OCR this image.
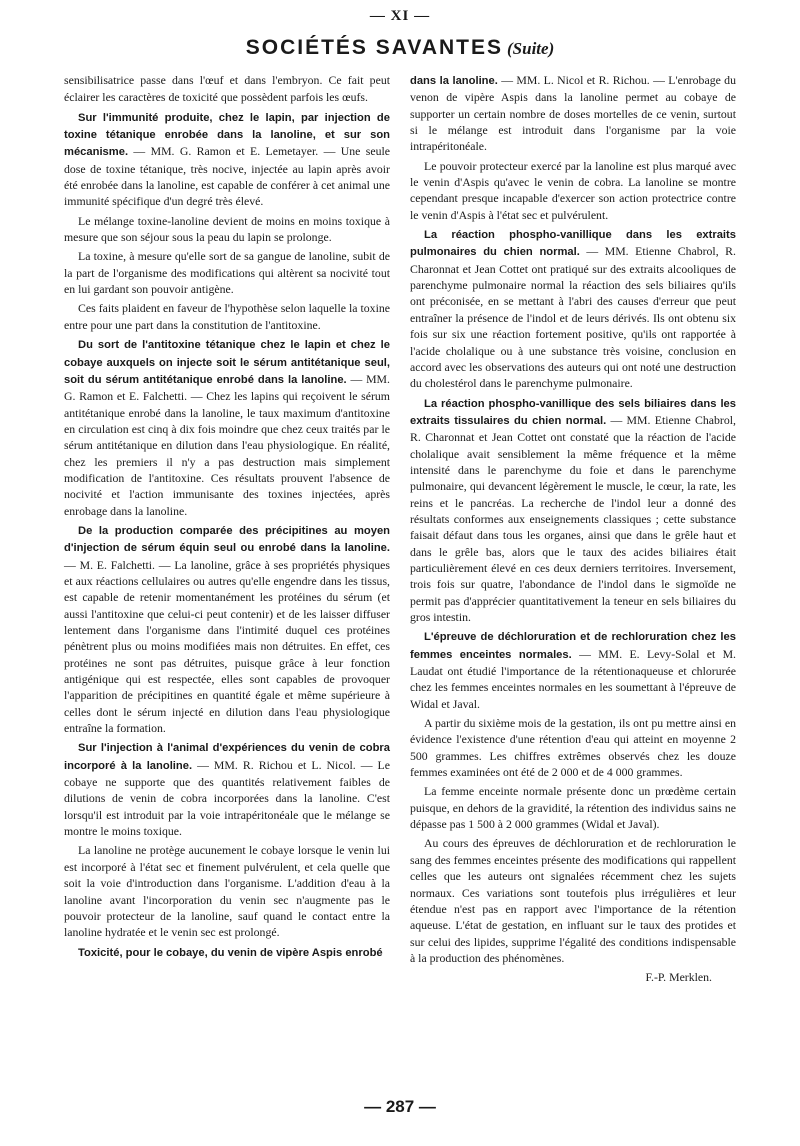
— XI —
SOCIÉTÉS SAVANTES (Suite)

sensibilisatrice passe dans l'œuf et dans l'embryon. Ce fait peut éclairer les caractères de toxicité que possèdent parfois les œufs.

Sur l'immunité produite, chez le lapin, par injection de toxine tétanique enrobée dans la lanoline, et sur son mécanisme. — MM. G. Ramon et E. Lemetayer. — Une seule dose de toxine tétanique, très nocive, injectée au lapin après avoir été enrobée dans la lanoline, est capable de conférer à cet animal une immunité spécifique d'un degré très élevé.

Le mélange toxine-lanoline devient de moins en moins toxique à mesure que son séjour sous la peau du lapin se prolonge.

La toxine, à mesure qu'elle sort de sa gangue de lanoline, subit de la part de l'organisme des modifications qui altèrent sa nocivité tout en lui gardant son pouvoir antigène.

Ces faits plaident en faveur de l'hypothèse selon laquelle la toxine entre pour une part dans la constitution de l'antitoxine.

Du sort de l'antitoxine tétanique chez le lapin et chez le cobaye auxquels on injecte soit le sérum antitétanique seul, soit du sérum antitétanique enrobé dans la lanoline. — MM. G. Ramon et E. Falchetti. — Chez les lapins qui reçoivent le sérum antitétanique enrobé dans la lanoline, le taux maximum d'antitoxine en circulation est cinq à dix fois moindre que chez ceux traités par le sérum antitétanique en dilution dans l'eau physiologique. En réalité, chez les premiers il n'y a pas destruction mais simplement modification de l'antitoxine. Ces résultats prouvent l'absence de nocivité et l'action immunisante des toxines injectées, après enrobage dans la lanoline.

De la production comparée des précipitines au moyen d'injection de sérum équin seul ou enrobé dans la lanoline. — M. E. Falchetti. — La lanoline, grâce à ses propriétés physiques et aux réactions cellulaires ou autres qu'elle engendre dans les tissus, est capable de retenir momentanément les protéines du sérum (et aussi l'antitoxine que celui-ci peut contenir) et de les laisser diffuser lentement dans l'organisme dans l'intimité duquel ces protéines pénètrent plus ou moins modifiées mais non détruites. En effet, ces protéines ne sont pas détruites, puisque grâce à leur fonction antigénique qui est respectée, elles sont capables de provoquer l'apparition de précipitines en quantité égale et même supérieure à celles dont le sérum injecté en dilution dans l'eau physiologique entraîne la formation.

Sur l'injection à l'animal d'expériences du venin de cobra incorporé à la lanoline. — MM. R. Richou et L. Nicol. — Le cobaye ne supporte que des quantités relativement faibles de dilutions de venin de cobra incorporées dans la lanoline. C'est lorsqu'il est introduit par la voie intrapéritonéale que le mélange se montre le moins toxique.

La lanoline ne protège aucunement le cobaye lorsque le venin lui est incorporé à l'état sec et finement pulvérulent, et cela quelle que soit la voie d'introduction dans l'organisme. L'addition d'eau à la lanoline avant l'incorporation du venin sec n'augmente pas le pouvoir protecteur de la lanoline, sauf quand le contact entre la lanoline hydratée et le venin sec est prolongé.

Toxicité, pour le cobaye, du venin de vipère Aspis enrobé

dans la lanoline. — MM. L. Nicol et R. Richou. — L'enrobage du venon de vipère Aspis dans la lanoline permet au cobaye de supporter un certain nombre de doses mortelles de ce venin, surtout si le mélange est introduit dans l'organisme par la voie intrapéritonéale.

Le pouvoir protecteur exercé par la lanoline est plus marqué avec le venin d'Aspis qu'avec le venin de cobra. La lanoline se montre cependant presque incapable d'exercer son action protectrice contre le venin d'Aspis à l'état sec et pulvérulent.

La réaction phospho-vanillique dans les extraits pulmonaires du chien normal. — MM. Etienne Chabrol, R. Charonnat et Jean Cottet ont pratiqué sur des extraits alcooliques de parenchyme pulmonaire normal la réaction des sels biliaires qu'ils ont préconisée, en se mettant à l'abri des causes d'erreur que peut entraîner la présence de l'indol et de leurs dérivés. Ils ont obtenu six fois sur six une réaction fortement positive, qu'ils ont rapportée à l'acide cholalique ou à une substance très voisine, conclusion en accord avec les observations des auteurs qui ont noté une destruction du cholestérol dans le parenchyme pulmonaire.

La réaction phospho-vanillique des sels biliaires dans les extraits tissulaires du chien normal. — MM. Etienne Chabrol, R. Charonnat et Jean Cottet ont constaté que la réaction de l'acide cholalique avait sensiblement la même fréquence et la même intensité dans le parenchyme du foie et dans le parenchyme pulmonaire, qui devancent légèrement le muscle, le cœur, la rate, les reins et le pancréas. La recherche de l'indol leur a donné des résultats conformes aux enseignements classiques ; cette substance faisait défaut dans tous les organes, ainsi que dans le grêle haut et dans le grêle bas, alors que le taux des acides biliaires était particulièrement élevé en ces deux derniers territoires. Inversement, trois fois sur quatre, l'abondance de l'indol dans le sigmoïde ne permit pas d'apprécier quantitativement la teneur en sels biliaires du gros intestin.

L'épreuve de déchloruration et de rechloruration chez les femmes enceintes normales. — MM. E. Levy-Solal et M. Laudat ont étudié l'importance de la rétentionaqueuse et chlorurée chez les femmes enceintes normales en les soumettant à l'épreuve de Widal et Javal.

A partir du sixième mois de la gestation, ils ont pu mettre ainsi en évidence l'existence d'une rétention d'eau qui atteint en moyenne 2 500 grammes. Les chiffres extrêmes observés chez les douze femmes examinées ont été de 2 000 et de 4 000 grammes.

La femme enceinte normale présente donc un prœdème certain puisque, en dehors de la gravidité, la rétention des individus sains ne dépasse pas 1 500 à 2 000 grammes (Widal et Javal).

Au cours des épreuves de déchloruration et de rechloruration le sang des femmes enceintes présente des modifications qui rappellent celles que les auteurs ont signalées récemment chez les sujets normaux. Ces variations sont toutefois plus irrégulières et leur étendue n'est pas en rapport avec l'importance de la rétention aqueuse. L'état de gestation, en influant sur le taux des protides et sur celui des lipides, supprime l'égalité des conditions indispensable à la production des phénomènes.

F.-P. Merklen.

— 287 —
